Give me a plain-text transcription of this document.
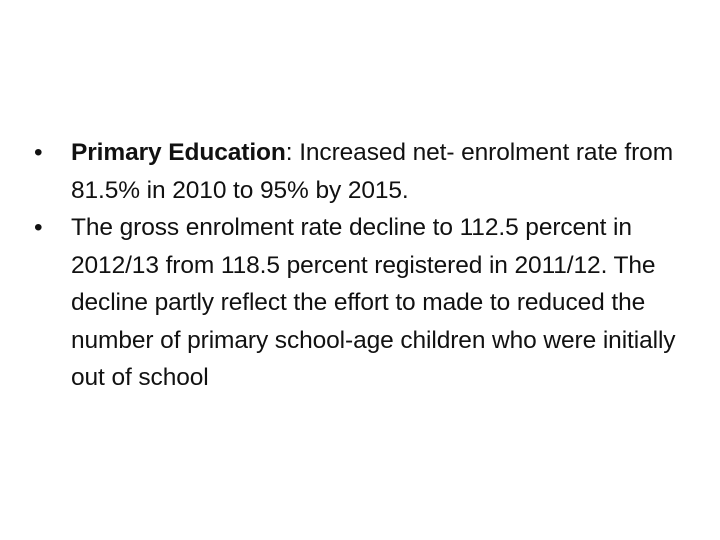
•	Primary Education: Increased net- enrolment rate from 81.5% in 2010 to 95% by 2015.
•	The gross enrolment rate decline to 112.5 percent in 2012/13 from 118.5 percent registered in 2011/12. The decline partly reflect the effort to made to reduced the number of primary school-age children who were initially out of school
